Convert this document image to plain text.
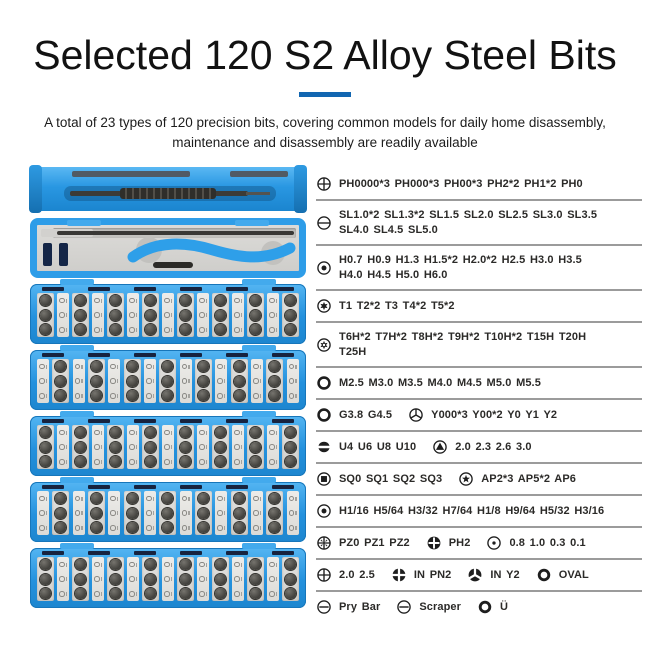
Selected 120 S2 Alloy Steel Bits
A total of 23 types of 120 precision bits, covering common models for daily home disassembly,
maintenance and disassembly are readily available
PH0000*3 PH000*3 PH00*3 PH2*2 PH1*2 PH0
SL1.0*2 SL1.3*2 SL1.5 SL2.0 SL2.5 SL3.0 SL3.5
SL4.0 SL4.5 SL5.0
H0.7 H0.9 H1.3 H1.5*2 H2.0*2 H2.5 H3.0 H3.5
H4.0 H4.5 H5.0 H6.0
T1 T2*2 T3 T4*2 T5*2
T6H*2 T7H*2 T8H*2 T9H*2 T10H*2 T15H T20H
T25H
M2.5 M3.0 M3.5 M4.0 M4.5 M5.0 M5.5
G3.8 G4.5	Y000*3 Y00*2 Y0 Y1 Y2
U4 U6 U8 U10	2.0 2.3 2.6 3.0
SQ0 SQ1 SQ2 SQ3	AP2*3 AP5*2 AP6
H1/16 H5/64 H3/32 H7/64 H1/8 H9/64 H5/32 H3/16
PZ0 PZ1 PZ2	PH2	0.8 1.0 0.3 0.1
2.0 2.5	IN PN2	IN Y2	OVAL
Pry Bar	Scraper	Ü
